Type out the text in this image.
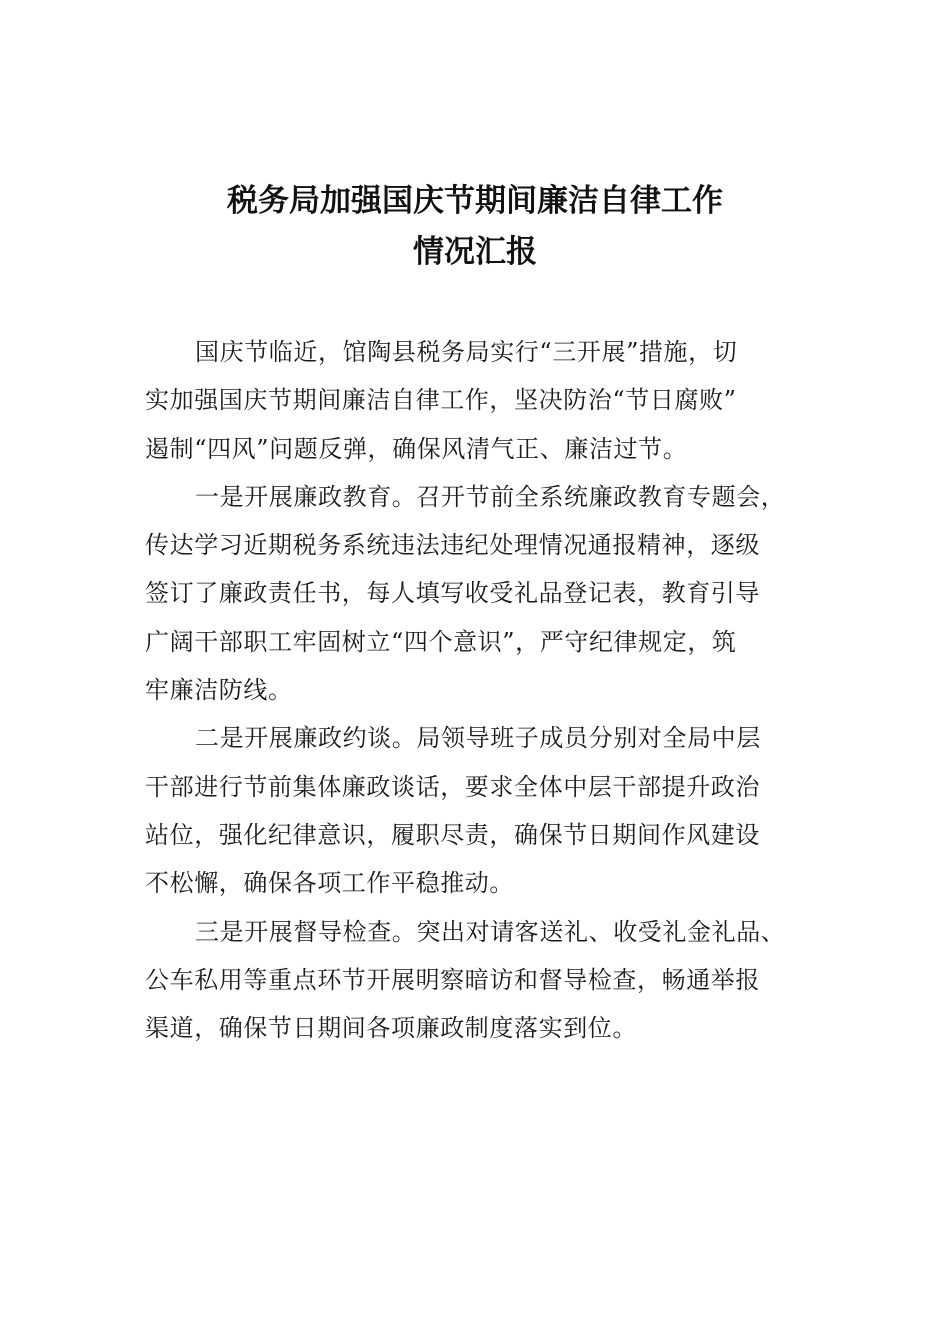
税务局加强国庆节期间廉洁自律工作
情况汇报
国庆节临近，馆陶县税务局实行“三开展”措施，切
实加强国庆节期间廉洁自律工作，坚决防治“节日腐败”
遏制“四风”问题反弹，确保风清气正、廉洁过节。
一是开展廉政教育。召开节前全系统廉政教育专题会，
传达学习近期税务系统违法违纪处理情况通报精神，逐级
签订了廉政责任书，每人填写收受礼品登记表，教育引导
广阔干部职工牢固树立“四个意识”，严守纪律规定，筑
牢廉洁防线。
二是开展廉政约谈。局领导班子成员分别对全局中层
干部进行节前集体廉政谈话，要求全体中层干部提升政治
站位，强化纪律意识，履职尽责，确保节日期间作风建设
不松懈，确保各项工作平稳推动。
三是开展督导检查。突出对请客送礼、收受礼金礼品、
公车私用等重点环节开展明察暗访和督导检查，畅通举报
渠道，确保节日期间各项廉政制度落实到位。
